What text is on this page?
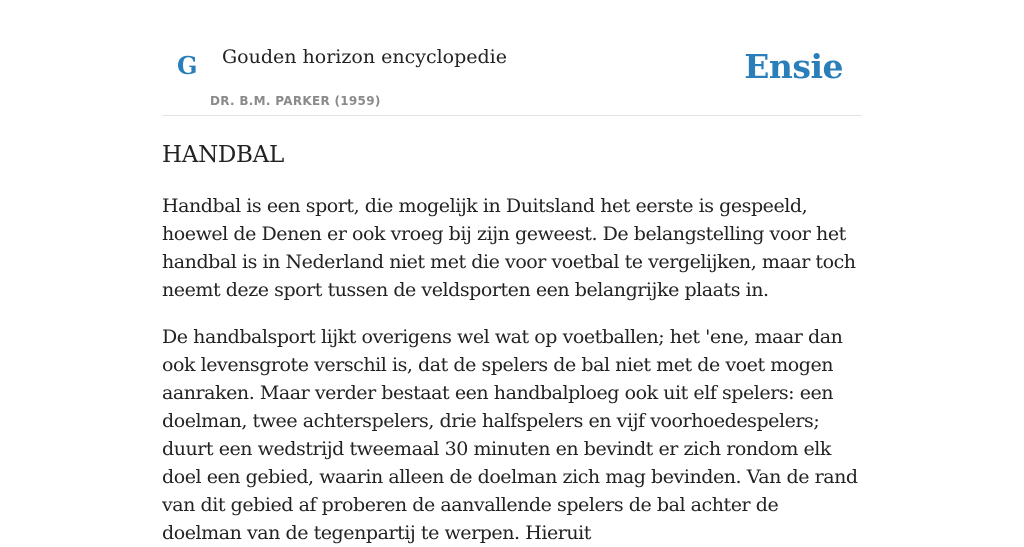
G Gouden horizon encyclopedie
DR. B.M. PARKER (1959)
Ensie
HANDBAL

Handbal is een sport, die mogelijk in Duitsland het eerste is gespeeld, hoewel de Denen er ook vroeg bij zijn geweest. De belangstelling voor het handbal is in Nederland niet met die voor voetbal te vergelijken, maar toch neemt deze sport tussen de veldsporten een belangrijke plaats in.

De handbalsport lijkt overigens wel wat op voetballen; het 'ene, maar dan ook levensgrote verschil is, dat de spelers de bal niet met de voet mogen aanraken. Maar verder bestaat een handbalploeg ook uit elf spelers: een doelman, twee achterspelers, drie halfspelers en vijf voorhoedespelers; duurt een wedstrijd tweemaal 30 minuten en bevindt er zich rondom elk doel een gebied, waarin alleen de doelman zich mag bevinden. Van de rand van dit gebied af proberen de aanvallende spelers de bal achter de doelman van de tegenpartij te werpen. Hieruit
